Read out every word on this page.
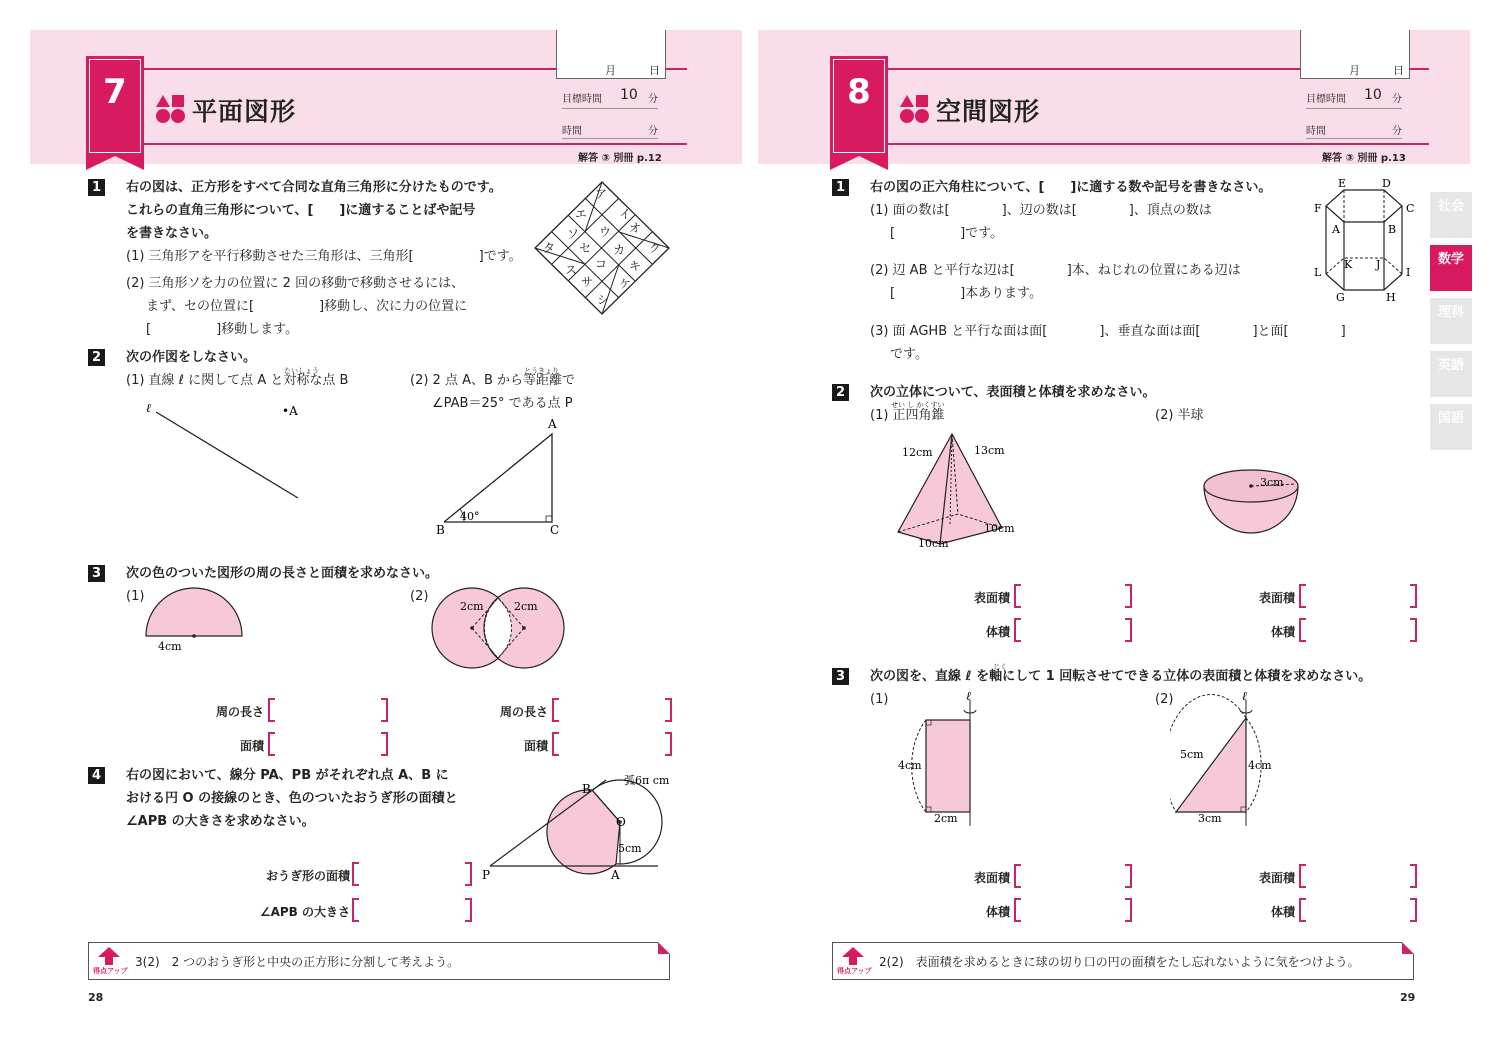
7	平面図形
月	日
目標時間 10 分
時間	分
解答 ③ 別冊 p.12
1	右の図は、正方形をすべて合同な直角三角形に分けたものです。
これらの直角三角形について、[　　]に適することばや記号
を書きなさい。
(1) 三角形アを平行移動させた三角形は、三角形[　　　　　]です。
(2) 三角形ソを力の位置に 2 回の移動で移動させるには、
まず、セの位置に[　　　　　]移動し、次に力の位置に
[　　　　　]移動します。
ア
イ
エ
オ
ウ
ソ
カ ク
タ セ
キ
コ
ス
サ ケ
シ
2	次の作図をしなさい。
たいしょう
(1) 直線 ℓ に関して点 A と対称な点 B
とうきょり
(2) 2 点 A、B から等距離で
∠PAB＝25° である点 P
ℓ	•A
40°
A
B	C
3	次の色のついた図形の周の長さと面積を求めなさい。
(1)	(2)
4cm
2cm	2cm
周の長さ
面積
周の長さ
面積
4	右の図において、線分 PA、PB がそれぞれ点 A、B に
おける円 O の接線のとき、色のついたおうぎ形の面積と
∠APB の大きさを求めなさい。
弧6π cm
O
5cm
B
P	A
おうぎ形の面積
∠APB の大きさ
得点アップ
3(2)　2 つのおうぎ形と中央の正方形に分割して考えよう。
28
8	空間図形
月	日
目標時間 10 分
時間	分
解答 ③ 別冊 p.13
社会
数学
理科
英語
国語
1	右の図の正六角柱について、[　　]に適する数や記号を書きなさい。
(1) 面の数は[　　　　]、辺の数は[　　　　]、頂点の数は
[　　　　　]です。
(2) 辺 AB と平行な辺は[　　　　]本、ねじれの位置にある辺は
[　　　　　]本あります。
(3) 面 AGHB と平行な面は面[　　　　]、垂直な面は面[　　　　]と面[　　　　]
です。
E	D
F	C
A	B
L
K J
I
G	H
2	次の立体について、表面積と体積を求めなさい。
せい し かくすい
(1) 正四角錐	(2) 半球
12cm	13cm
10cm
10cm
3cm
表面積
体積
表面積
体積
3
じく
次の図を、直線 ℓ を軸にして 1 回転させてできる立体の表面積と体積を求めなさい。
(1)	(2)
ℓ
4cm
2cm
ℓ
5cm
4cm
3cm
表面積
体積
表面積
体積
得点アップ
2(2)　表面積を求めるときに球の切り口の円の面積をたし忘れないように気をつけよう。
29
